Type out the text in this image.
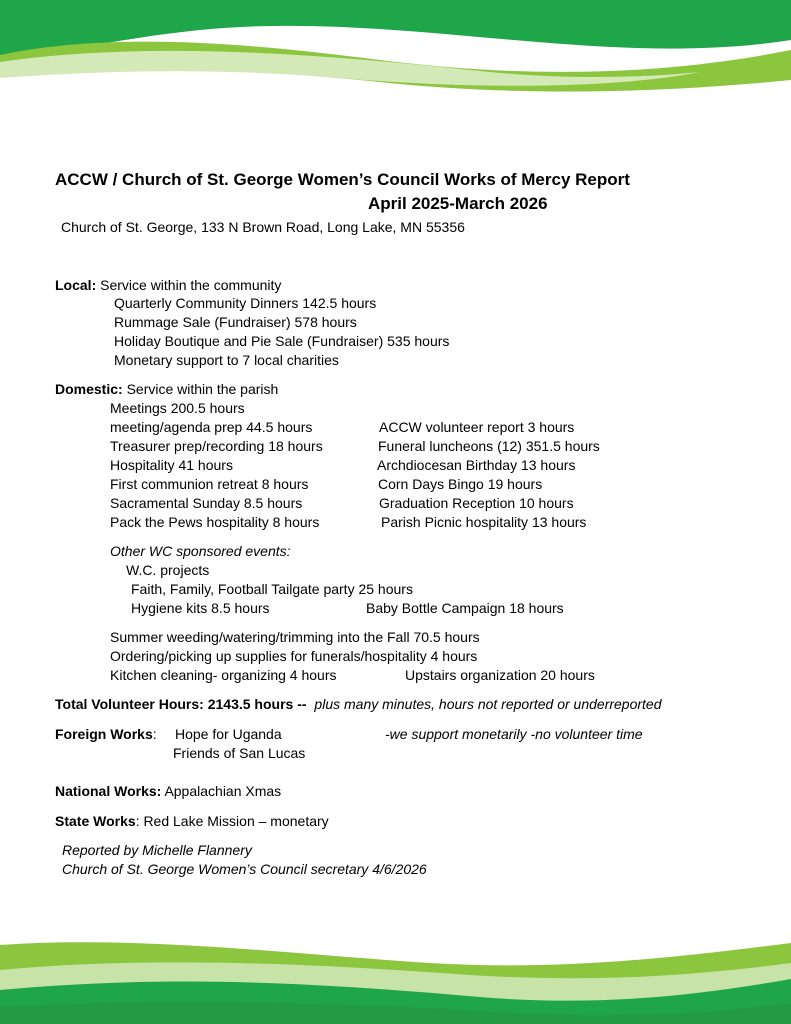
ACCW / Church of St. George Women’s Council Works of Mercy Report
April 2025-March 2026
Church of St. George, 133 N Brown Road, Long Lake, MN 55356
Local: Service within the community
Quarterly Community Dinners 142.5 hours
Rummage Sale (Fundraiser) 578 hours
Holiday Boutique and Pie Sale (Fundraiser) 535 hours
Monetary support to 7 local charities
Domestic: Service within the parish
Meetings 200.5 hours
meeting/agenda prep 44.5 hours
Treasurer prep/recording 18 hours
Hospitality 41 hours
First communion retreat 8 hours
Sacramental Sunday 8.5 hours
Pack the Pews hospitality 8 hours
ACCW volunteer report 3 hours
Funeral luncheons (12) 351.5 hours
Archdiocesan Birthday 13 hours
Corn Days Bingo 19 hours
Graduation Reception 10 hours
Parish Picnic hospitality 13 hours
Other WC sponsored events:
W.C. projects
Faith, Family, Football Tailgate party 25 hours
Hygiene kits 8.5 hours	Baby Bottle Campaign 18 hours
Summer weeding/watering/trimming into the Fall 70.5 hours
Ordering/picking up supplies for funerals/hospitality 4 hours
Kitchen cleaning- organizing 4 hours	Upstairs organization 20 hours
Total Volunteer Hours: 2143.5 hours -- plus many minutes, hours not reported or underreported
Foreign Works: Hope for Uganda
Friends of San Lucas
-we support monetarily -no volunteer time
National Works: Appalachian Xmas
State Works: Red Lake Mission – monetary
Reported by Michelle Flannery
Church of St. George Women’s Council secretary 4/6/2026
